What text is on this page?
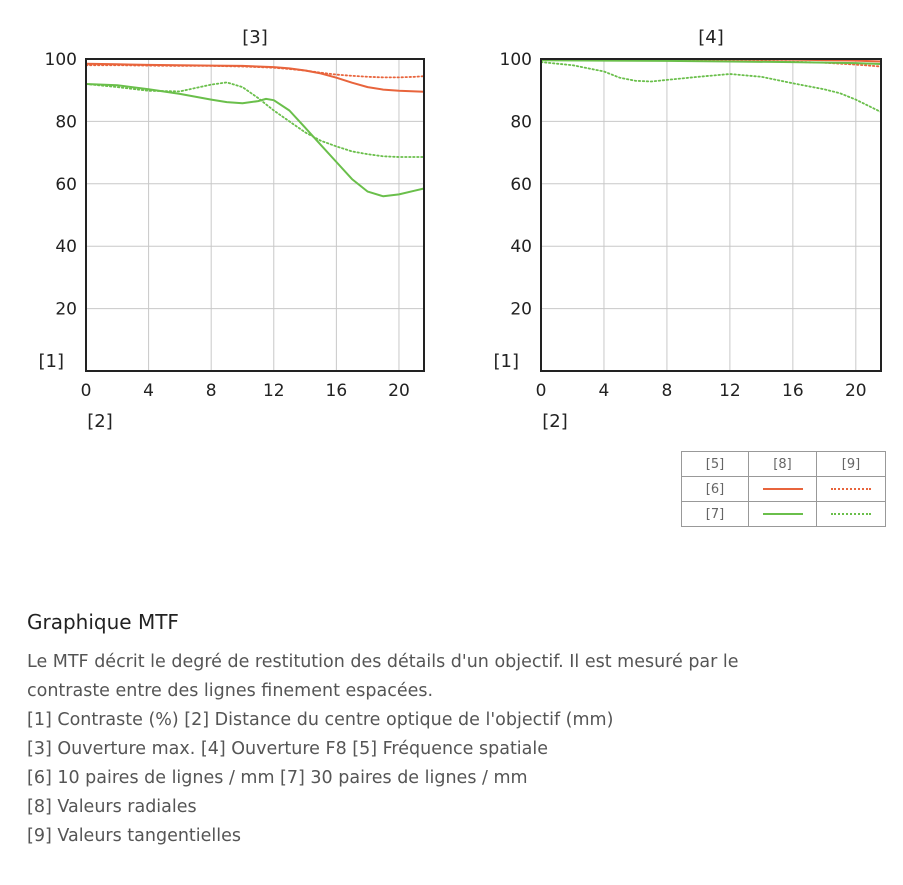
0	4	8	12 16 20
20
40
60
80
100
[3]
[1]
[2]
0	4	8	12 16 20
20
40
60
80
100
[4]
[1]
[2]
[5]	[8]	[9]
[6]		
[7]		
Graphique MTF

Le MTF décrit le degré de restitution des détails d'un objectif. Il est mesuré par le

contraste entre des lignes finement espacées.

[1] Contraste (%) [2] Distance du centre optique de l'objectif (mm)

[3] Ouverture max. [4] Ouverture F8 [5] Fréquence spatiale

[6] 10 paires de lignes / mm [7] 30 paires de lignes / mm

[8] Valeurs radiales

[9] Valeurs tangentielles
